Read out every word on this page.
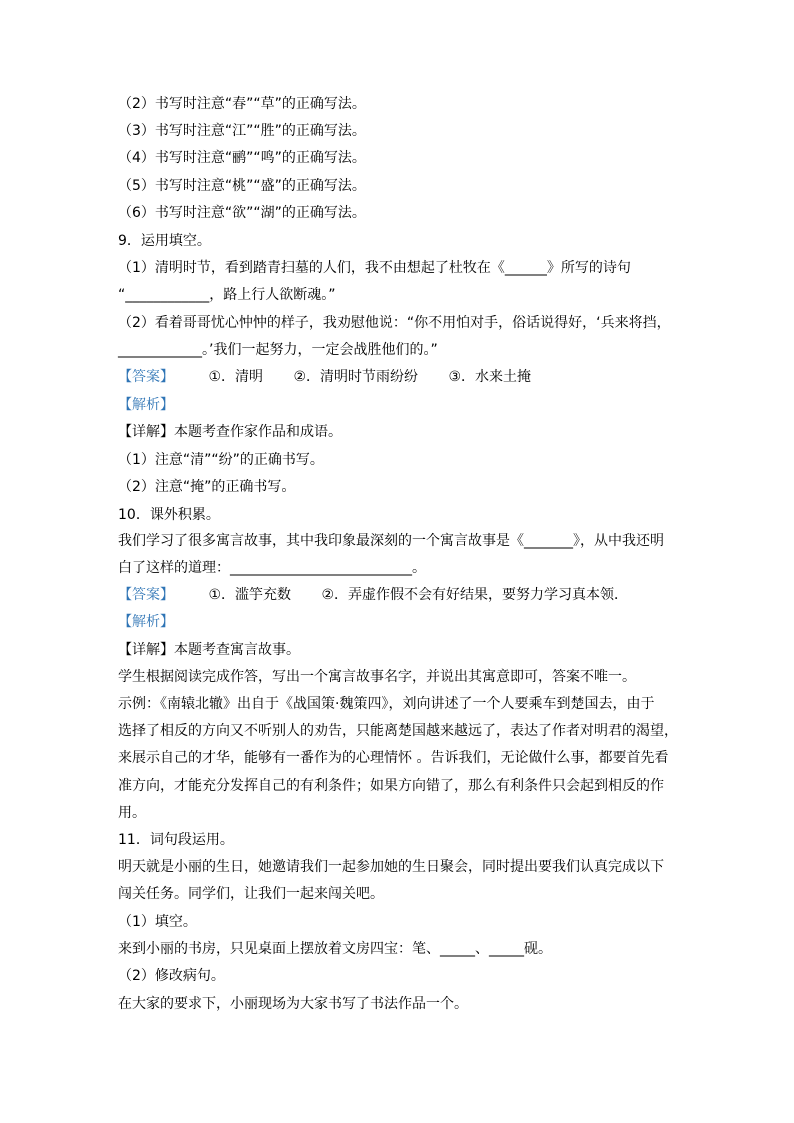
（2）书写时注意“春”“草”的正确写法。
（3）书写时注意“江”“胜”的正确写法。
（4）书写时注意“鹂”“鸣”的正确写法。
（5）书写时注意“桃”“盛”的正确写法。
（6）书写时注意“欲”“湖”的正确写法。
9．运用填空。
（1）清明时节，看到踏青扫墓的人们，我不由想起了杜牧在《______》所写的诗句
“____________，路上行人欲断魂。”
（2）看着哥哥忧心忡忡的样子，我劝慰他说：“你不用怕对手，俗话说得好，‘兵来将挡，
____________。’我们一起努力，一定会战胜他们的。”
【答案】 ①．清明 ②．清明时节雨纷纷 ③．水来土掩
【解析】
【详解】本题考查作家作品和成语。
（1）注意“清”“纷”的正确书写。
（2）注意“掩”的正确书写。
10．课外积累。
我们学习了很多寓言故事，其中我印象最深刻的一个寓言故事是《_______》，从中我还明
白了这样的道理：__________________________。
【答案】 ①．滥竽充数 ②．弄虚作假不会有好结果，要努力学习真本领．
【解析】
【详解】本题考查寓言故事。
学生根据阅读完成作答，写出一个寓言故事名字，并说出其寓意即可，答案不唯一。
示例：《南辕北辙》出自于《战国策·魏策四》，刘向讲述了一个人要乘车到楚国去，由于
选择了相反的方向又不听别人的劝告，只能离楚国越来越远了，表达了作者对明君的渴望，
来展示自己的才华，能够有一番作为的心理情怀 。告诉我们，无论做什么事，都要首先看
准方向，才能充分发挥自己的有利条件；如果方向错了，那么有利条件只会起到相反的作
用。
11．词句段运用。
明天就是小丽的生日，她邀请我们一起参加她的生日聚会，同时提出要我们认真完成以下
闯关任务。同学们，让我们一起来闯关吧。
（1）填空。
来到小丽的书房，只见桌面上摆放着文房四宝：笔、_____、_____砚。
（2）修改病句。
在大家的要求下，小丽现场为大家书写了书法作品一个。
